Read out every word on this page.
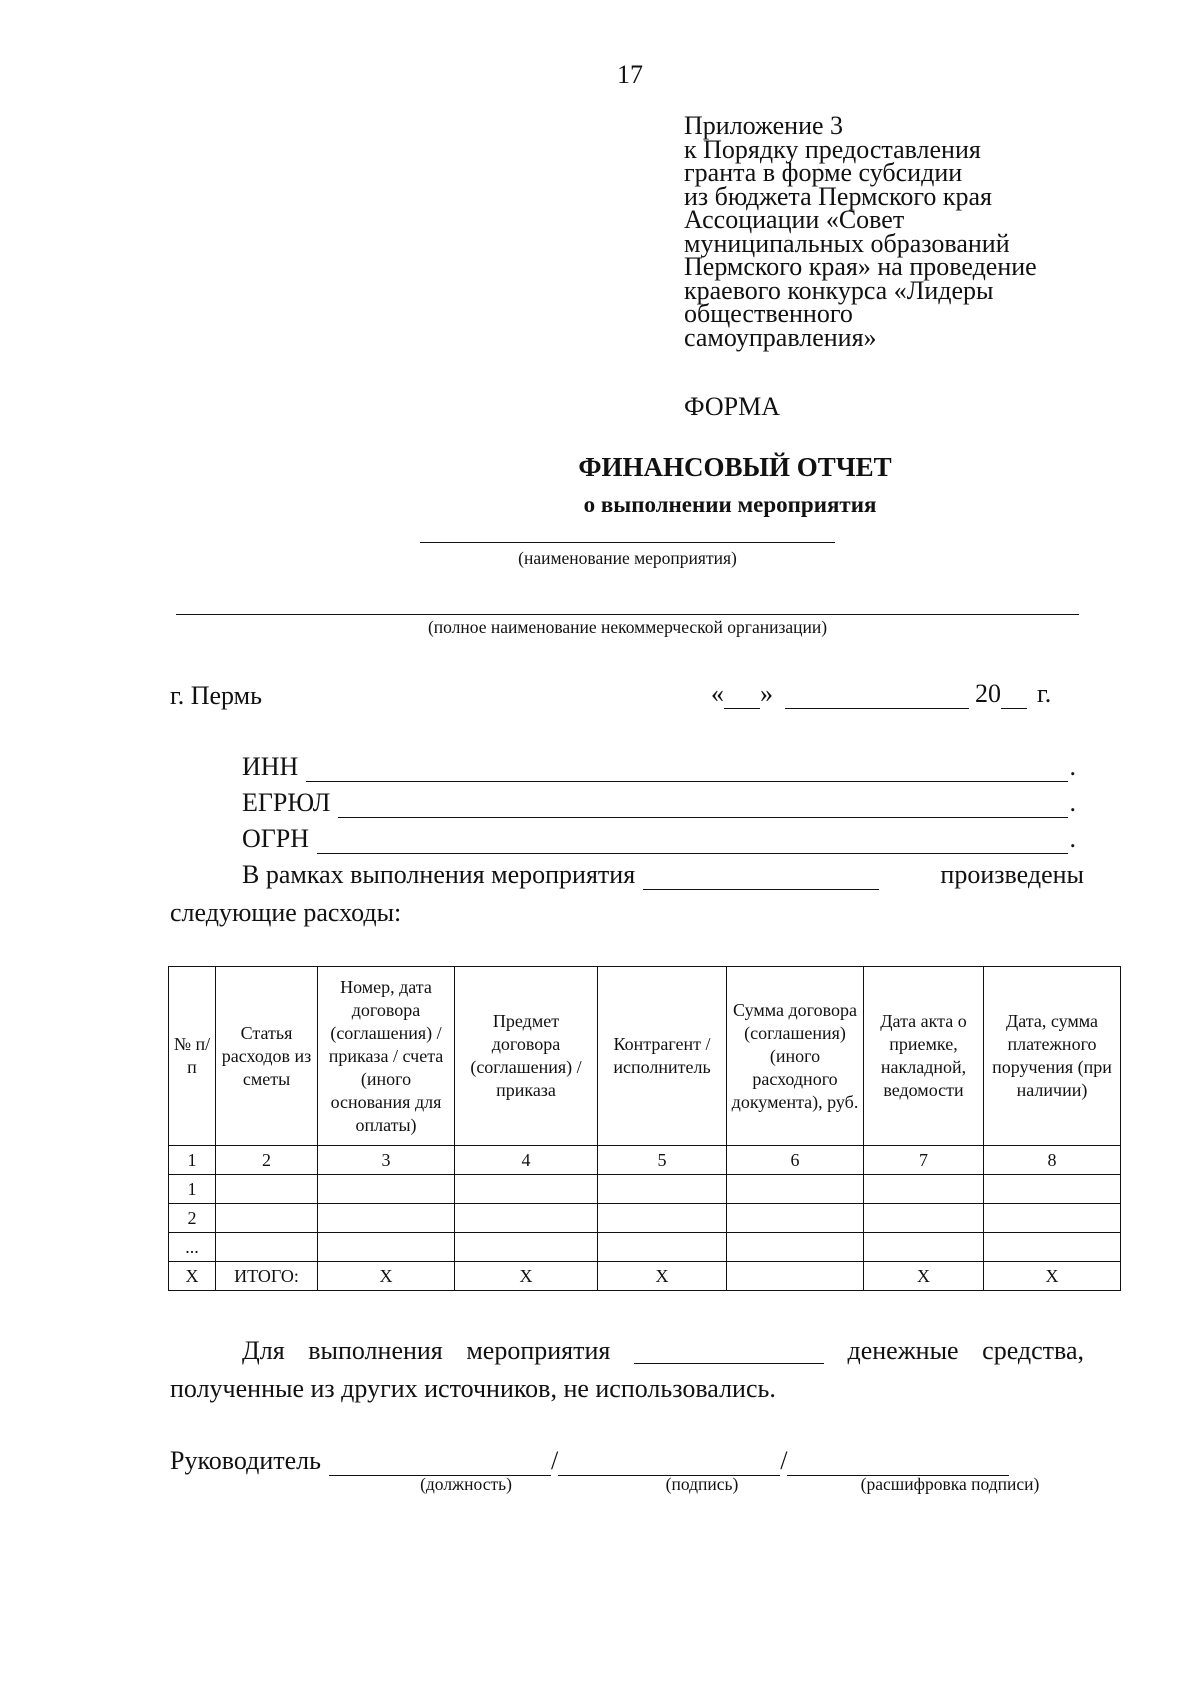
17
Приложение 3
к Порядку предоставления
гранта в форме субсидии
из бюджета Пермского края
Ассоциации «Совет
муниципальных образований
Пермского края» на проведение
краевого конкурса «Лидеры
общественного
самоуправления»
ФОРМА
ФИНАНСОВЫЙ ОТЧЕТ
о выполнении мероприятия
(наименование мероприятия)
(полное наименование некоммерческой организации)
г. Пермь	« »	20 г.
ИНН	.
ЕГРЮЛ	.
ОГРН	.
В рамках выполнения мероприятия	произведены
следующие расходы:
№ п/п	Статья расходов из сметы	Номер, дата договора (соглашения) / приказа / счета (иного основания для оплаты)	Предмет договора (соглашения) / приказа	Контрагент / исполнитель	Сумма договора (соглашения) (иного расходного документа), руб.	Дата акта о приемке, накладной, ведомости	Дата, сумма платежного поручения (при наличии)
1	2	3	4	5	6	7	8
1							
2							
...							
X	ИТОГО:	X	X	X		X	X
Для выполнения мероприятия	денежные средства,
полученные из других источников, не использовались.
Руководитель	/	/
(должность)	(подпись)	(расшифровка подписи)
